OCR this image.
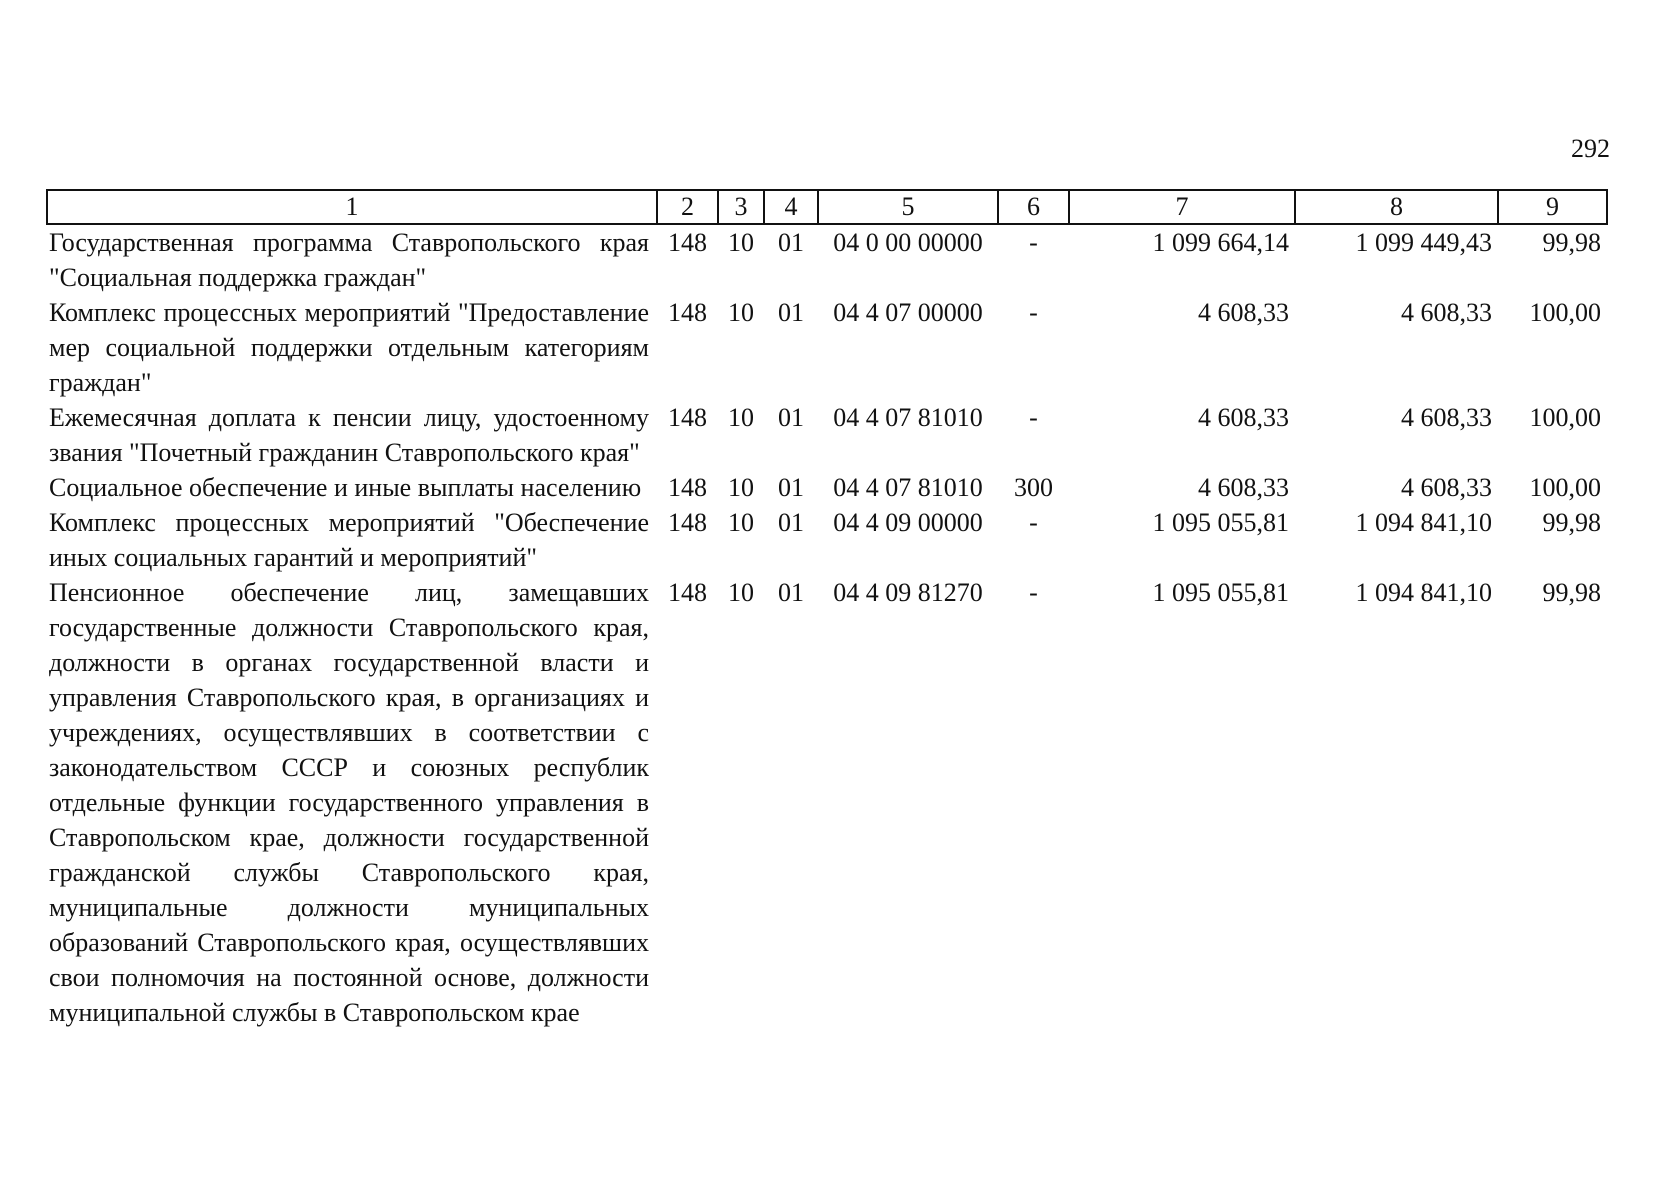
292
1	2	3	4	5	6	7	8	9
Государственная программа Ставропольского края "Социальная поддержка граждан"	148	10	01	04 0 00 00000	-	1 099 664,14	1 099 449,43	99,98
Комплекс процессных мероприятий "Предоставление мер социальной поддержки отдельным категориям граждан"	148	10	01	04 4 07 00000	-	4 608,33	4 608,33	100,00
Ежемесячная доплата к пенсии лицу, удостоенному звания "Почетный гражданин Ставропольского края"	148	10	01	04 4 07 81010	-	4 608,33	4 608,33	100,00
Социальное обеспечение и иные выплаты населению	148	10	01	04 4 07 81010	300	4 608,33	4 608,33	100,00
Комплекс процессных мероприятий "Обеспечение иных социальных гарантий и мероприятий"	148	10	01	04 4 09 00000	-	1 095 055,81	1 094 841,10	99,98
Пенсионное обеспечение лиц, замещавших государственные должности Ставропольского края, должности в органах государственной власти и управления Ставропольского края, в организациях и учреждениях, осуществлявших в соответствии с законодательством СССР и союзных республик отдельные функции государственного управления в Ставропольском крае, должности государственной гражданской службы Ставропольского края, муниципальные должности муниципальных образований Ставропольского края, осуществлявших свои полномочия на постоянной основе, должности муниципальной службы в Ставропольском крае	148	10	01	04 4 09 81270	-	1 095 055,81	1 094 841,10	99,98
